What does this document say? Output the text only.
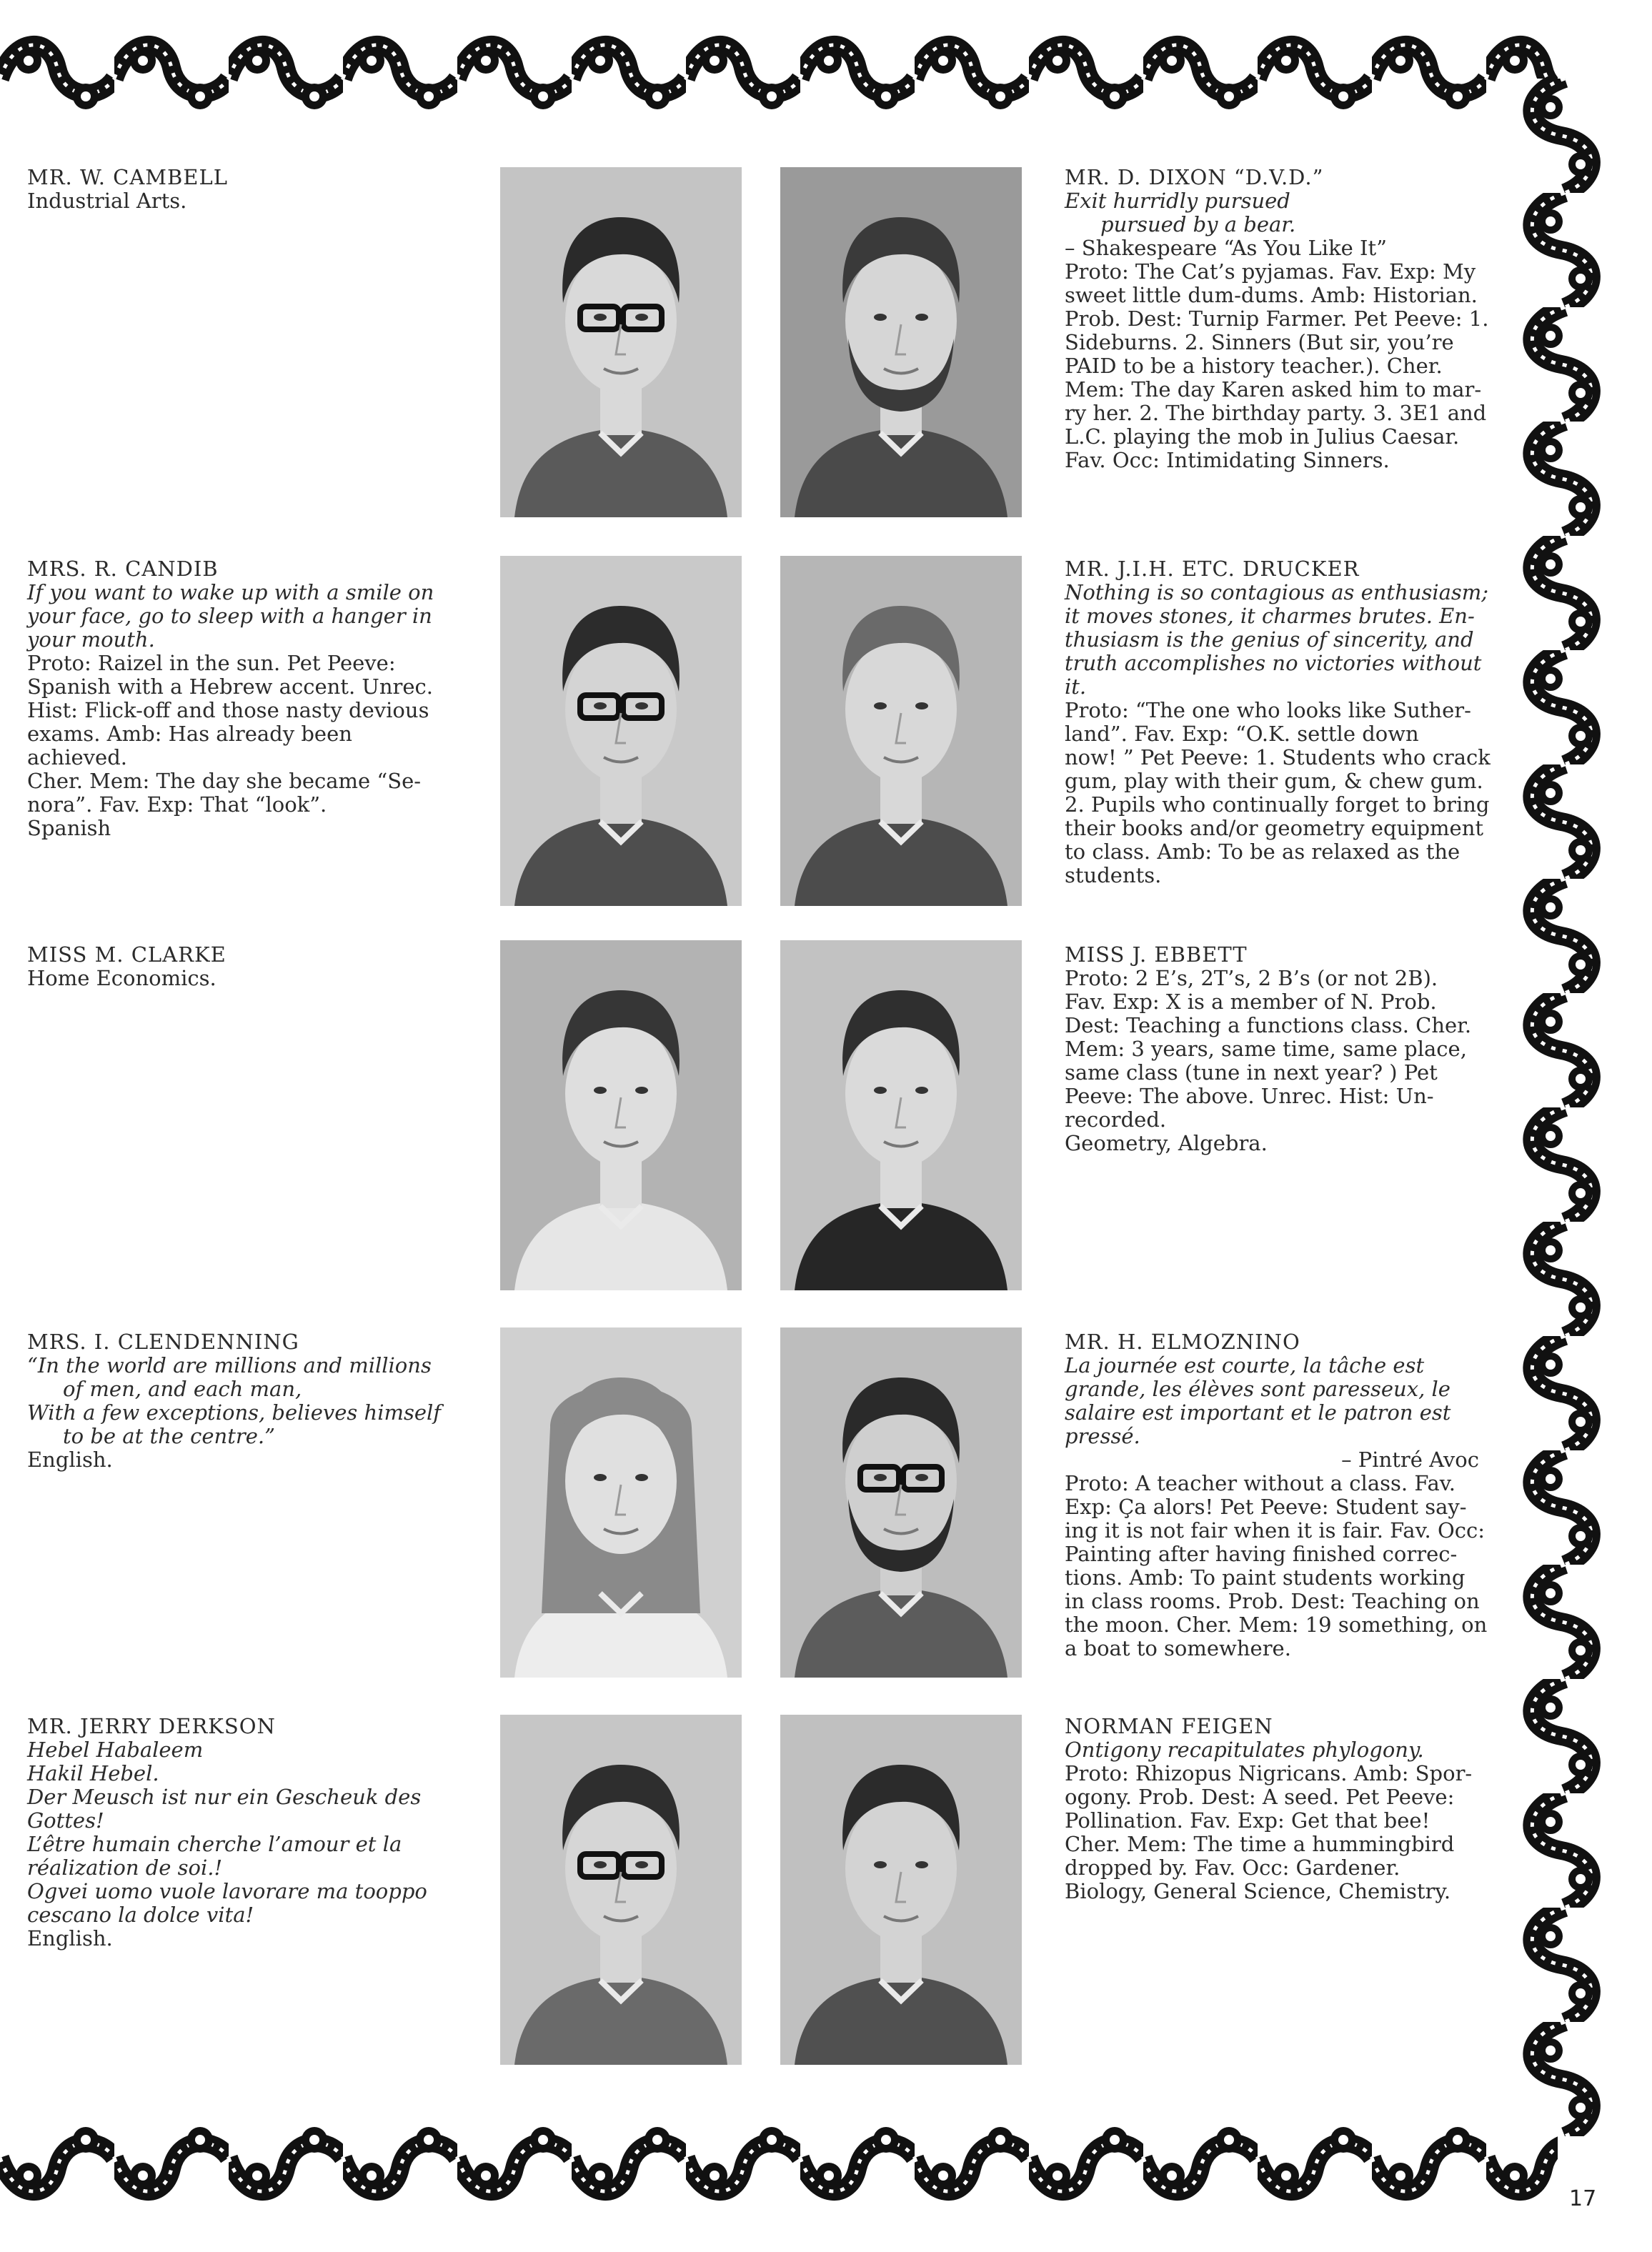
MR. W. CAMBELL
Industrial Arts.
MRS. R. CANDIB
If you want to wake up with a smile on
your face, go to sleep with a hanger in
your mouth.
Proto: Raizel in the sun. Pet Peeve:
Spanish with a Hebrew accent. Unrec.
Hist: Flick-off and those nasty devious
exams. Amb: Has already been achieved.
Cher. Mem: The day she became “Se-
nora”. Fav. Exp: That “look”.
Spanish
MISS M. CLARKE
Home Economics.
MRS. I. CLENDENNING
“In the world are millions and millions
of men, and each man,
With a few exceptions, believes himself
to be at the centre.”
English.
MR. JERRY DERKSON
Hebel Habaleem
Hakil Hebel.
Der Meusch ist nur ein Gescheuk des
Gottes!
L’être humain cherche l’amour et la
réalization de soi.!
Ogvei uomo vuole lavorare ma tooppo
cescano la dolce vita!
English.
MR. D. DIXON “D.V.D.”
Exit hurridly pursued
pursued by a bear.
– Shakespeare “As You Like It”
Proto: The Cat’s pyjamas. Fav. Exp: My
sweet little dum-dums. Amb: Historian.
Prob. Dest: Turnip Farmer. Pet Peeve: 1.
Sideburns. 2. Sinners (But sir, you’re
PAID to be a history teacher.). Cher.
Mem: The day Karen asked him to mar-
ry her. 2. The birthday party. 3. 3E1 and
L.C. playing the mob in Julius Caesar.
Fav. Occ: Intimidating Sinners.
MR. J.I.H. ETC. DRUCKER
Nothing is so contagious as enthusiasm;
it moves stones, it charmes brutes. En-
thusiasm is the genius of sincerity, and
truth accomplishes no victories without
it.
Proto: “The one who looks like Suther-
land”. Fav. Exp: “O.K. settle down
now! ” Pet Peeve: 1. Students who crack
gum, play with their gum, & chew gum.
2. Pupils who continually forget to bring
their books and/or geometry equipment
to class. Amb: To be as relaxed as the
students.
MISS J. EBBETT
Proto: 2 E’s, 2T’s, 2 B’s (or not 2B).
Fav. Exp: X is a member of N. Prob.
Dest: Teaching a functions class. Cher.
Mem: 3 years, same time, same place,
same class (tune in next year? ) Pet
Peeve: The above. Unrec. Hist: Un-
recorded.
Geometry, Algebra.
MR. H. ELMOZNINO
La journée est courte, la tâche est
grande, les élèves sont paresseux, le
salaire est important et le patron est
pressé.
– Pintré Avoc
Proto: A teacher without a class. Fav.
Exp: Ça alors! Pet Peeve: Student say-
ing it is not fair when it is fair. Fav. Occ:
Painting after having finished correc-
tions. Amb: To paint students working
in class rooms. Prob. Dest: Teaching on
the moon. Cher. Mem: 19 something, on
a boat to somewhere.
NORMAN FEIGEN
Ontigony recapitulates phylogony.
Proto: Rhizopus Nigricans. Amb: Spor-
ogony. Prob. Dest: A seed. Pet Peeve:
Pollination. Fav. Exp: Get that bee!
Cher. Mem: The time a hummingbird
dropped by. Fav. Occ: Gardener.
Biology, General Science, Chemistry.
17
